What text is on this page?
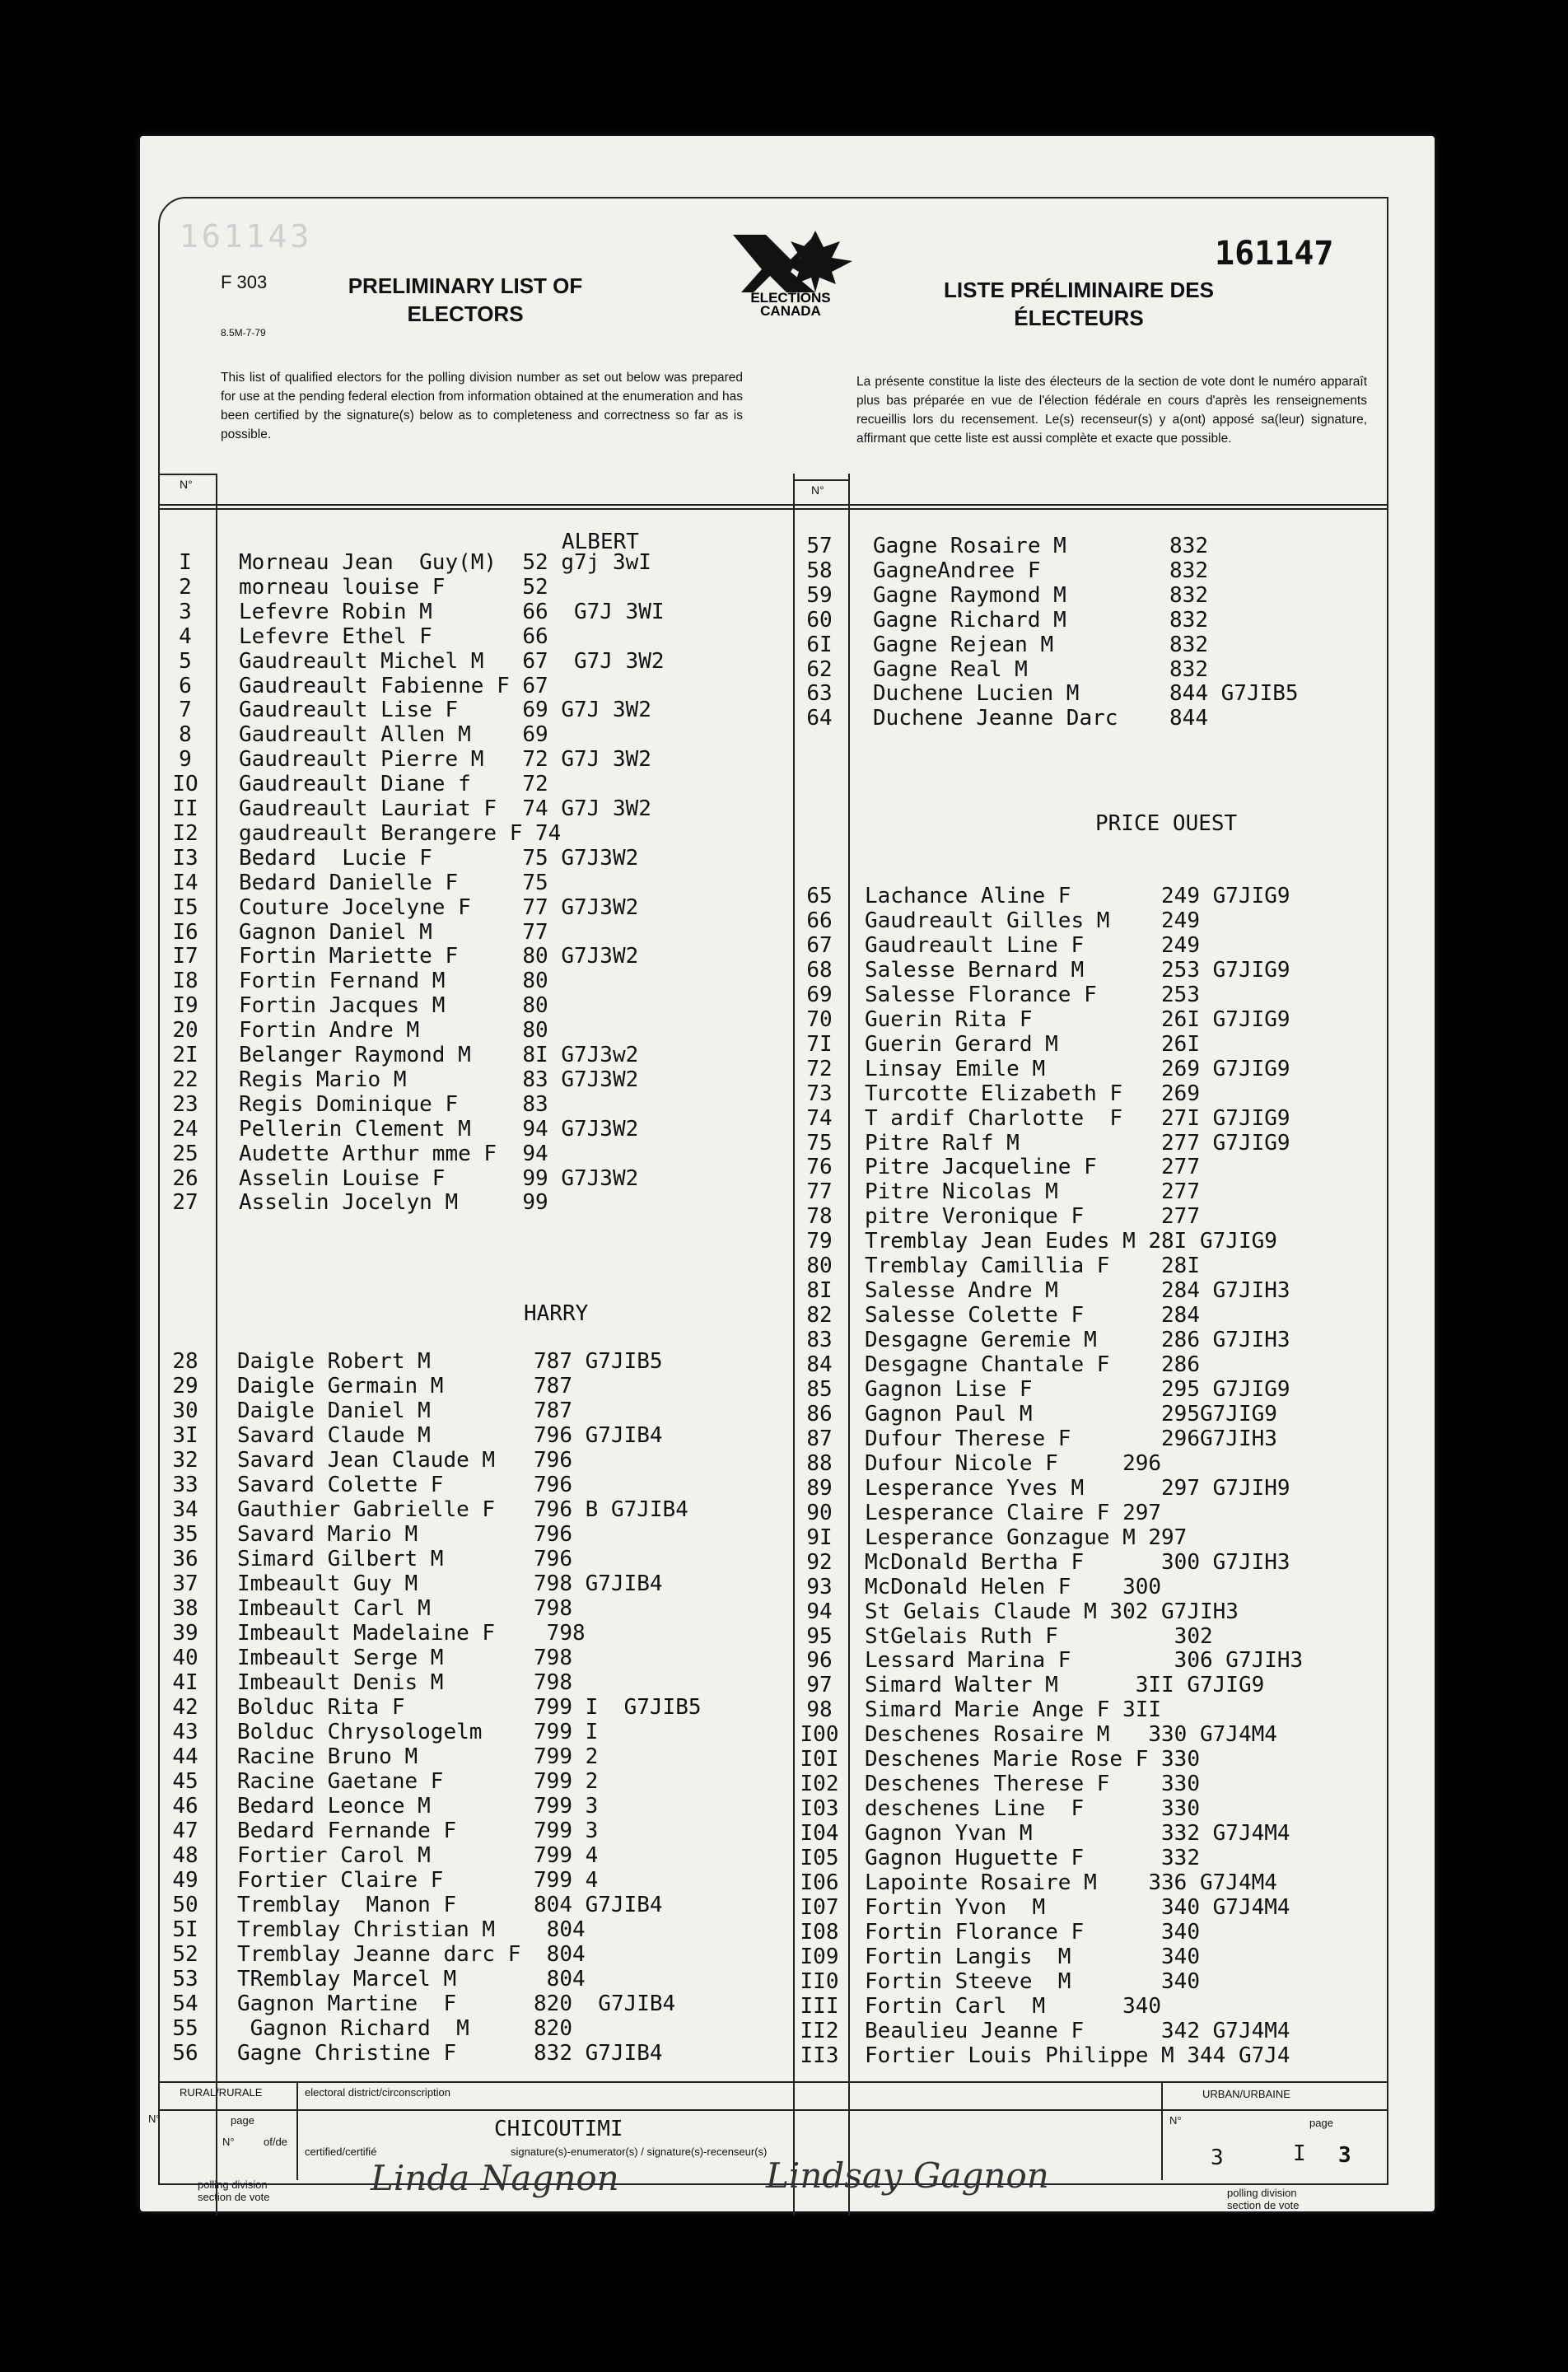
161143
F 303
8.5M-7-79
PRELIMINARY LIST OF
ELECTORS
ELECTIONS
CANADA
161147
LISTE PRÉLIMINAIRE DES
ÉLECTEURS
This list of qualified electors for the polling division number as set out below was prepared for use at the pending federal election from information obtained at the enumeration and has been certified by the signature(s) below as to completeness and correctness so far as is possible.
La présente constitue la liste des électeurs de la section de vote dont le numéro apparaît plus bas préparée en vue de l'élection fédérale en cours d'après les renseignements recueillis lors du recensement. Le(s) recenseur(s) y a(ont) apposé sa(leur) signature, affirmant que cette liste est aussi complète et exacte que possible.
N°	N°
ALBERT
HARRY
PRICE OUEST
I	Morneau Jean  Guy(M)  52 g7j 3wI
2	morneau louise F      52
3	Lefevre Robin M       66  G7J 3WI
4	Lefevre Ethel F       66
5	Gaudreault Michel M   67  G7J 3W2
6	Gaudreault Fabienne F 67
7	Gaudreault Lise F     69 G7J 3W2
8	Gaudreault Allen M    69
9	Gaudreault Pierre M   72 G7J 3W2
IO	Gaudreault Diane f    72
II	Gaudreault Lauriat F  74 G7J 3W2
I2	gaudreault Berangere F 74
I3	Bedard  Lucie F       75 G7J3W2
I4	Bedard Danielle F     75
I5	Couture Jocelyne F    77 G7J3W2
I6	Gagnon Daniel M       77
I7	Fortin Mariette F     80 G7J3W2
I8	Fortin Fernand M      80
I9	Fortin Jacques M      80
20	Fortin Andre M        80
2I	Belanger Raymond M    8I G7J3w2
22	Regis Mario M         83 G7J3W2
23	Regis Dominique F     83
24	Pellerin Clement M    94 G7J3W2
25	Audette Arthur mme F  94
26	Asselin Louise F      99 G7J3W2
27	Asselin Jocelyn M     99
28	Daigle Robert M        787 G7JIB5
29	Daigle Germain M       787
30	Daigle Daniel M        787
3I	Savard Claude M        796 G7JIB4
32	Savard Jean Claude M   796
33	Savard Colette F       796
34	Gauthier Gabrielle F   796 B G7JIB4
35	Savard Mario M         796
36	Simard Gilbert M       796
37	Imbeault Guy M         798 G7JIB4
38	Imbeault Carl M        798
39	Imbeault Madelaine F    798
40	Imbeault Serge M       798
4I	Imbeault Denis M       798
42	Bolduc Rita F          799 I  G7JIB5
43	Bolduc Chrysologelm    799 I
44	Racine Bruno M         799 2
45	Racine Gaetane F       799 2
46	Bedard Leonce M        799 3
47	Bedard Fernande F      799 3
48	Fortier Carol M        799 4
49	Fortier Claire F       799 4
50	Tremblay  Manon F      804 G7JIB4
5I	Tremblay Christian M    804
52	Tremblay Jeanne darc F  804
53	TRemblay Marcel M       804
54	Gagnon Martine  F      820  G7JIB4
55	Gagnon Richard  M     820
56	Gagne Christine F      832 G7JIB4
57	Gagne Rosaire M        832
58	GagneAndree F          832
59	Gagne Raymond M        832
60	Gagne Richard M        832
6I	Gagne Rejean M         832
62	Gagne Real M           832
63	Duchene Lucien M       844 G7JIB5
64	Duchene Jeanne Darc    844
65	Lachance Aline F       249 G7JIG9
66	Gaudreault Gilles M    249
67	Gaudreault Line F      249
68	Salesse Bernard M      253 G7JIG9
69	Salesse Florance F     253
70	Guerin Rita F          26I G7JIG9
7I	Guerin Gerard M        26I
72	Linsay Emile M         269 G7JIG9
73	Turcotte Elizabeth F   269
74	T ardif Charlotte  F   27I G7JIG9
75	Pitre Ralf M           277 G7JIG9
76	Pitre Jacqueline F     277
77	Pitre Nicolas M        277
78	pitre Veronique F      277
79	Tremblay Jean Eudes M 28I G7JIG9
80	Tremblay Camillia F    28I
8I	Salesse Andre M        284 G7JIH3
82	Salesse Colette F      284
83	Desgagne Geremie M     286 G7JIH3
84	Desgagne Chantale F    286
85	Gagnon Lise F          295 G7JIG9
86	Gagnon Paul M          295G7JIG9
87	Dufour Therese F       296G7JIH3
88	Dufour Nicole F     296
89	Lesperance Yves M      297 G7JIH9
90	Lesperance Claire F 297
9I	Lesperance Gonzague M 297
92	McDonald Bertha F      300 G7JIH3
93	McDonald Helen F    300
94	St Gelais Claude M 302 G7JIH3
95	StGelais Ruth F         302
96	Lessard Marina F        306 G7JIH3
97	Simard Walter M      3II G7JIG9
98	Simard Marie Ange F 3II
I00	Deschenes Rosaire M   330 G7J4M4
I0I	Deschenes Marie Rose F 330
I02	Deschenes Therese F    330
I03	deschenes Line  F      330
I04	Gagnon Yvan M          332 G7J4M4
I05	Gagnon Huguette F      332
I06	Lapointe Rosaire M    336 G7J4M4
I07	Fortin Yvon  M         340 G7J4M4
I08	Fortin Florance F      340
I09	Fortin Langis  M       340
II0	Fortin Steeve  M       340
III	Fortin Carl  M      340
II2	Beaulieu Jeanne F      342 G7J4M4
II3	Fortier Louis Philippe M 344 G7J4
RURAL/RURALE	electoral district/circonscription	URBAN/URBAINE
N°	page
N°	of/de
certified/certifié
CHICOUTIMI
signature(s)-enumerator(s) / signature(s)-recenseur(s)
polling division
section de vote
N°	page
3	I 3
polling division
section de vote
Linda Nagnon	Lindsay Gagnon
